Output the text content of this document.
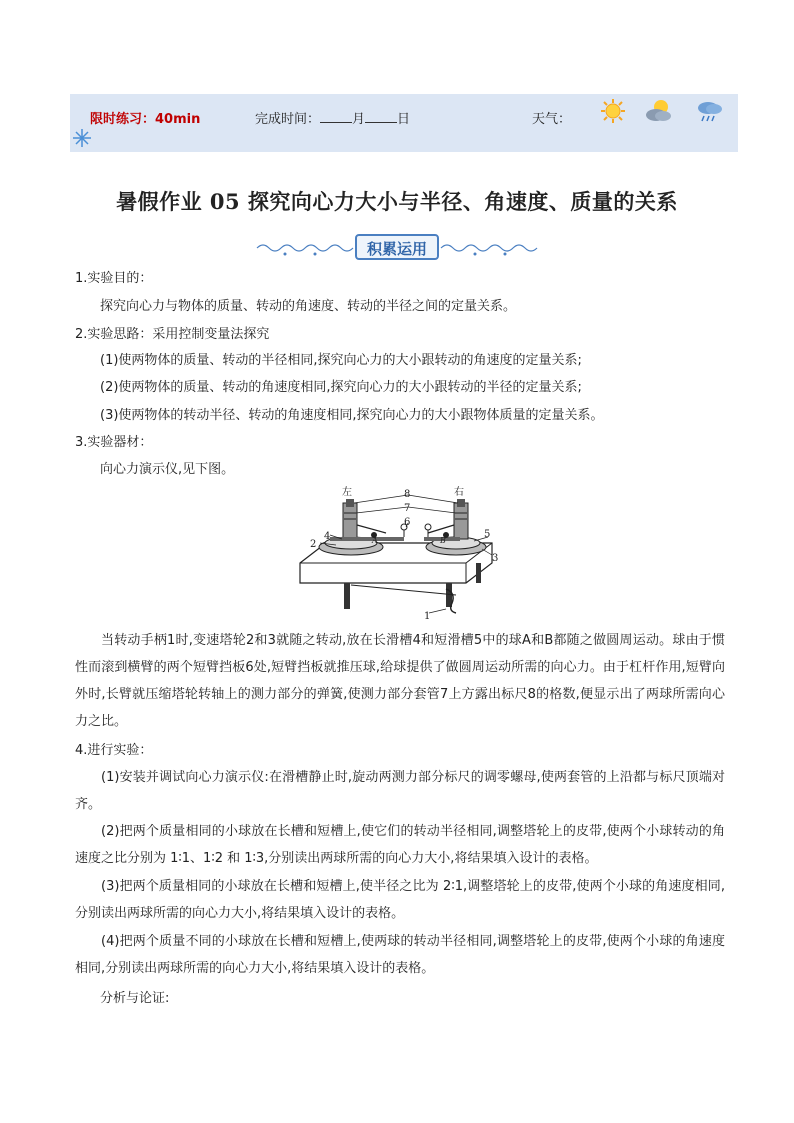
限时练习：40min	完成时间： 月 日	天气：
暑假作业 05 探究向心力大小与半径、角速度、质量的关系
积累运用
1.实验目的：
探究向心力与物体的质量、转动的角速度、转动的半径之间的定量关系。
2.实验思路：采用控制变量法探究
(1)使两物体的质量、转动的半径相同,探究向心力的大小跟转动的角速度的定量关系;
(2)使两物体的质量、转动的角速度相同,探究向心力的大小跟转动的半径的定量关系;
(3)使两物体的转动半径、转动的角速度相同,探究向心力的大小跟物体质量的定量关系。
3.实验器材：
向心力演示仪,见下图。
左	右
8
7
6
4
2
5
3
1
A	B
当转动手柄1时,变速塔轮2和3就随之转动,放在长滑槽4和短滑槽5中的球A和B都随之做圆周运动。球由于惯性而滚到横臂的两个短臂挡板6处,短臂挡板就推压球,给球提供了做圆周运动所需的向心力。由于杠杆作用,短臂向外时,长臂就压缩塔轮转轴上的测力部分的弹簧,使测力部分套管7上方露出标尺8的格数,便显示出了两球所需向心力之比。
4.进行实验：
(1)安装并调试向心力演示仪:在滑槽静止时,旋动两测力部分标尺的调零螺母,使两套管的上沿都与标尺顶端对齐。
(2)把两个质量相同的小球放在长槽和短槽上,使它们的转动半径相同,调整塔轮上的皮带,使两个小球转动的角速度之比分别为 1∶1、1∶2 和 1∶3,分别读出两球所需的向心力大小,将结果填入设计的表格。
(3)把两个质量相同的小球放在长槽和短槽上,使半径之比为 2∶1,调整塔轮上的皮带,使两个小球的角速度相同,分别读出两球所需的向心力大小,将结果填入设计的表格。
(4)把两个质量不同的小球放在长槽和短槽上,使两球的转动半径相同,调整塔轮上的皮带,使两个小球的角速度相同,分别读出两球所需的向心力大小,将结果填入设计的表格。
分析与论证:
